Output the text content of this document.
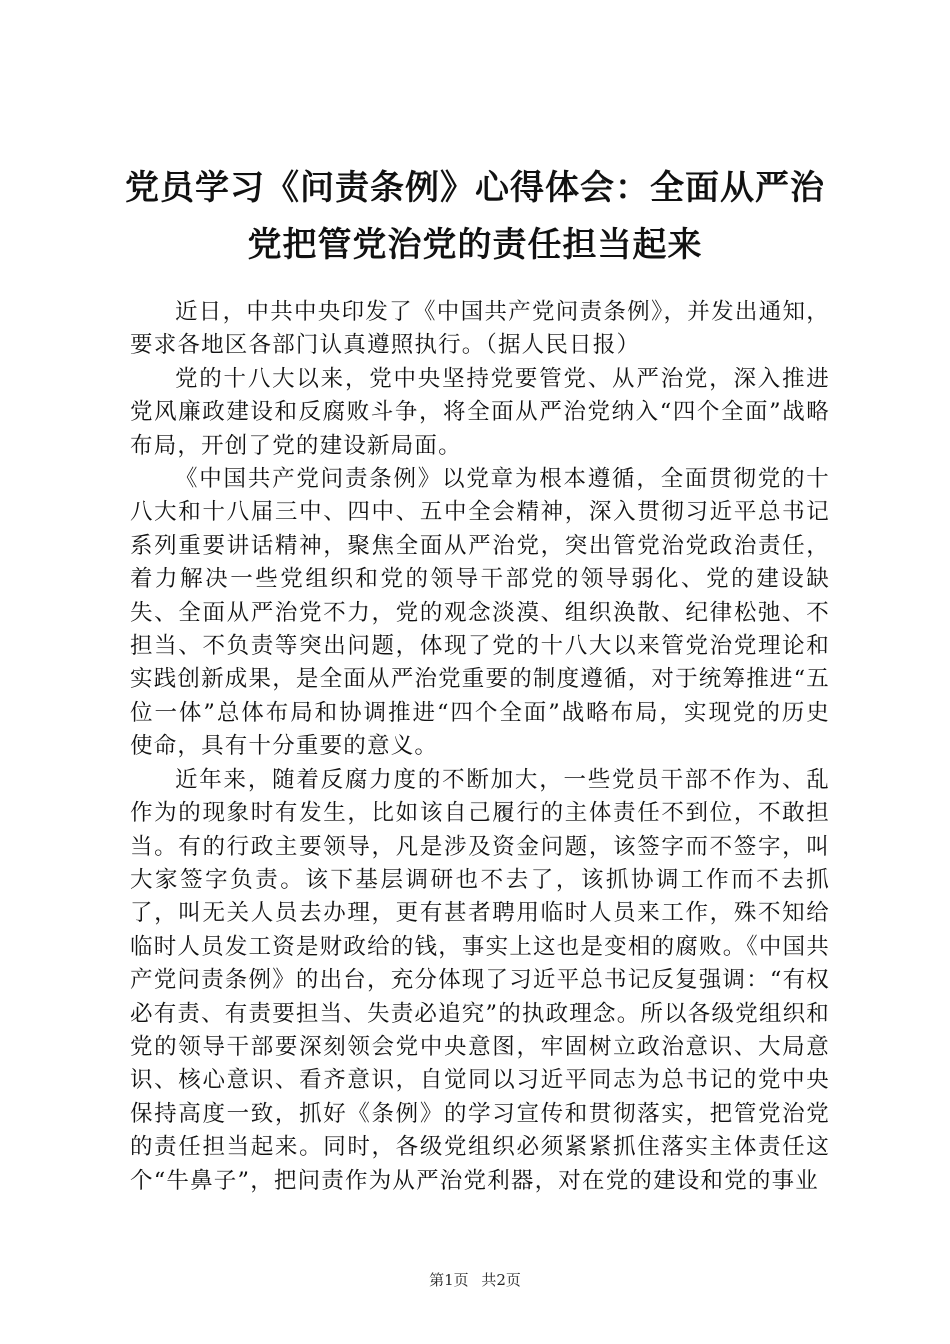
党员学习《问责条例》心得体会：全面从严治
党把管党治党的责任担当起来

近日，中共中央印发了《中国共产党问责条例》，并发出通知，要求各地区各部门认真遵照执行。（据人民日报）

党的十八大以来，党中央坚持党要管党、从严治党，深入推进党风廉政建设和反腐败斗争，将全面从严治党纳入“四个全面”战略布局，开创了党的建设新局面。

《中国共产党问责条例》以党章为根本遵循，全面贯彻党的十八大和十八届三中、四中、五中全会精神，深入贯彻习近平总书记系列重要讲话精神，聚焦全面从严治党，突出管党治党政治责任，着力解决一些党组织和党的领导干部党的领导弱化、党的建设缺失、全面从严治党不力，党的观念淡漠、组织涣散、纪律松弛、不担当、不负责等突出问题，体现了党的十八大以来管党治党理论和实践创新成果，是全面从严治党重要的制度遵循，对于统筹推进“五位一体”总体布局和协调推进“四个全面”战略布局，实现党的历史使命，具有十分重要的意义。

近年来，随着反腐力度的不断加大，一些党员干部不作为、乱作为的现象时有发生，比如该自己履行的主体责任不到位，不敢担当。有的行政主要领导，凡是涉及资金问题，该签字而不签字，叫大家签字负责。该下基层调研也不去了，该抓协调工作而不去抓了，叫无关人员去办理，更有甚者聘用临时人员来工作，殊不知给临时人员发工资是财政给的钱，事实上这也是变相的腐败。《中国共产党问责条例》的出台，充分体现了习近平总书记反复强调：“有权必有责、有责要担当、失责必追究”的执政理念。所以各级党组织和党的领导干部要深刻领会党中央意图，牢固树立政治意识、大局意识、核心意识、看齐意识，自觉同以习近平同志为总书记的党中央保持高度一致，抓好《条例》的学习宣传和贯彻落实，把管党治党的责任担当起来。同时，各级党组织必须紧紧抓住落实主体责任这个“牛鼻子”，把问责作为从严治党利器，对在党的建设和党的事业

第1页 共2页
